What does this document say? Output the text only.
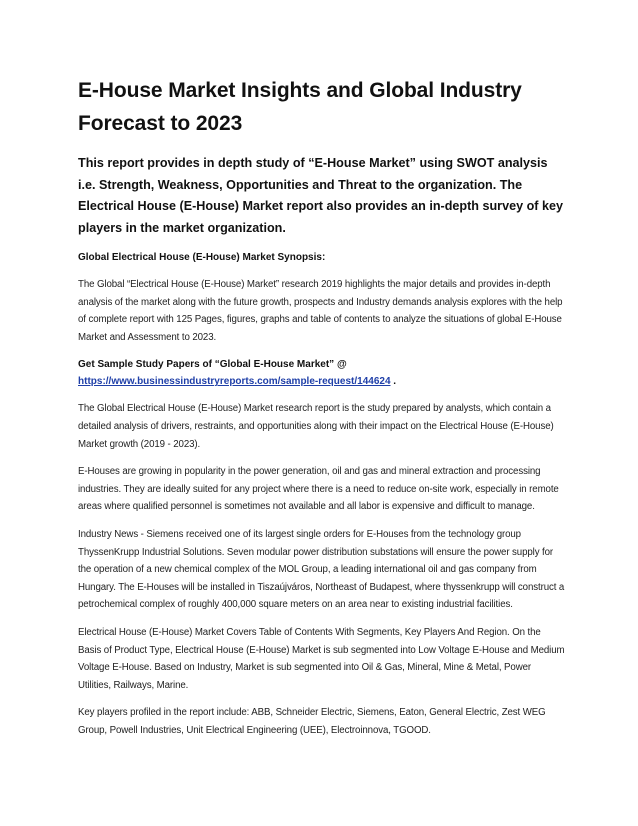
E-House Market Insights and Global Industry Forecast to 2023

This report provides in depth study of “E-House Market” using SWOT analysis i.e. Strength, Weakness, Opportunities and Threat to the organization. The Electrical House (E-House) Market report also provides an in-depth survey of key players in the market organization.

Global Electrical House (E-House) Market Synopsis:

The Global “Electrical House (E-House) Market” research 2019 highlights the major details and provides in-depth analysis of the market along with the future growth, prospects and Industry demands analysis explores with the help of complete report with 125 Pages, figures, graphs and table of contents to analyze the situations of global E-House Market and Assessment to 2023.

Get Sample Study Papers of “Global E-House Market” @
https://www.businessindustryreports.com/sample-request/144624 .

The Global Electrical House (E-House) Market research report is the study prepared by analysts, which contain a detailed analysis of drivers, restraints, and opportunities along with their impact on the Electrical House (E-House) Market growth (2019 - 2023).

E-Houses are growing in popularity in the power generation, oil and gas and mineral extraction and processing industries. They are ideally suited for any project where there is a need to reduce on-site work, especially in remote areas where qualified personnel is sometimes not available and all labor is expensive and difficult to manage.

Industry News - Siemens received one of its largest single orders for E-Houses from the technology group ThyssenKrupp Industrial Solutions. Seven modular power distribution substations will ensure the power supply for the operation of a new chemical complex of the MOL Group, a leading international oil and gas company from Hungary. The E-Houses will be installed in Tiszaújváros, Northeast of Budapest, where thyssenkrupp will construct a petrochemical complex of roughly 400,000 square meters on an area near to existing industrial facilities.

Electrical House (E-House) Market Covers Table of Contents With Segments, Key Players And Region. On the Basis of Product Type, Electrical House (E-House) Market is sub segmented into Low Voltage E-House and Medium Voltage E-House. Based on Industry, Market is sub segmented into Oil & Gas, Mineral, Mine & Metal, Power Utilities, Railways, Marine.

Key players profiled in the report include: ABB, Schneider Electric, Siemens, Eaton, General Electric, Zest WEG Group, Powell Industries, Unit Electrical Engineering (UEE), Electroinnova, TGOOD.
